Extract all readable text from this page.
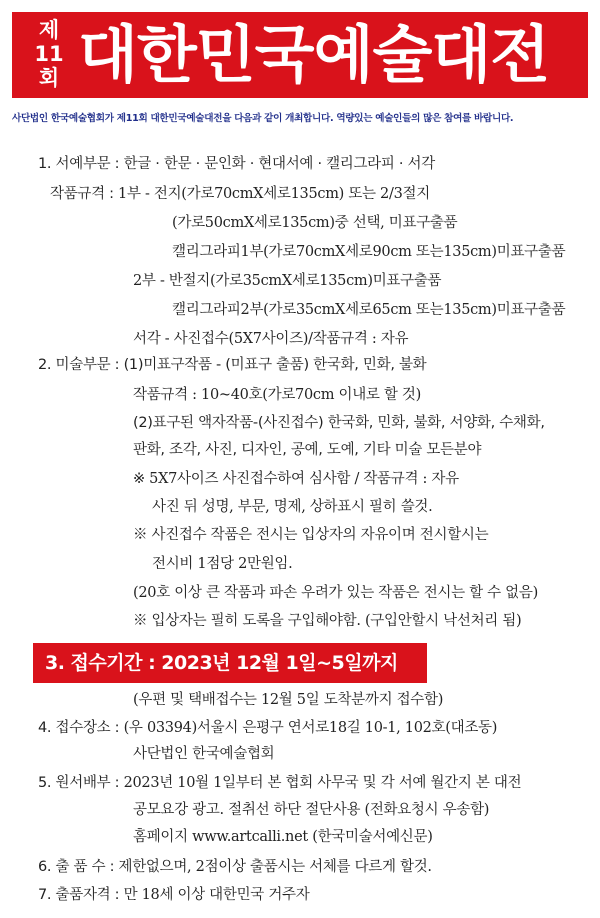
제
11
회 대한민국예술대전
사단법인 한국예술협회가 제11회 대한민국예술대전을 다음과 같이 개최합니다. 역량있는 예술인들의 많은 참여를 바랍니다.
1. 서예부문 : 한글 · 한문 · 문인화 · 현대서예 · 캘리그라피 · 서각
작품규격 : 1부 - 전지(가로70cmX세로135cm) 또는 2/3절지
(가로50cmX세로135cm)중 선택, 미표구출품
캘리그라피1부(가로70cmX세로90cm 또는135cm)미표구출품
2부 - 반절지(가로35cmX세로135cm)미표구출품
캘리그라피2부(가로35cmX세로65cm 또는135cm)미표구출품
서각 - 사진접수(5X7사이즈)/작품규격 : 자유
2. 미술부문 : (1)미표구작품 - (미표구 출품) 한국화, 민화, 불화
작품규격 : 10~40호(가로70cm 이내로 할 것)
(2)표구된 액자작품-(사진접수) 한국화, 민화, 불화, 서양화, 수채화,
판화, 조각, 사진, 디자인, 공예, 도예, 기타 미술 모든분야
※ 5X7사이즈 사진접수하여 심사함 / 작품규격 : 자유
사진 뒤 성명, 부문, 명제, 상하표시 필히 쓸것.
※ 사진접수 작품은 전시는 입상자의 자유이며 전시할시는
전시비 1점당 2만원임.
(20호 이상 큰 작품과 파손 우려가 있는 작품은 전시는 할 수 없음)
※ 입상자는 필히 도록을 구입해야함. (구입안할시 낙선처리 됨)
3. 접수기간 : 2023년 12월 1일~5일까지
(우편 및 택배접수는 12월 5일 도착분까지 접수함)
4. 접수장소 : (우 03394)서울시 은평구 연서로18길 10-1, 102호(대조동)
사단법인 한국예술협회
5. 원서배부 : 2023년 10월 1일부터 본 협회 사무국 및 각 서예 월간지 본 대전
공모요강 광고. 절취선 하단 절단사용 (전화요청시 우송함)
홈페이지 www.artcalli.net (한국미술서예신문)
6. 출 품 수 : 제한없으며, 2점이상 출품시는 서체를 다르게 할것.
7. 출품자격 : 만 18세 이상 대한민국 거주자
